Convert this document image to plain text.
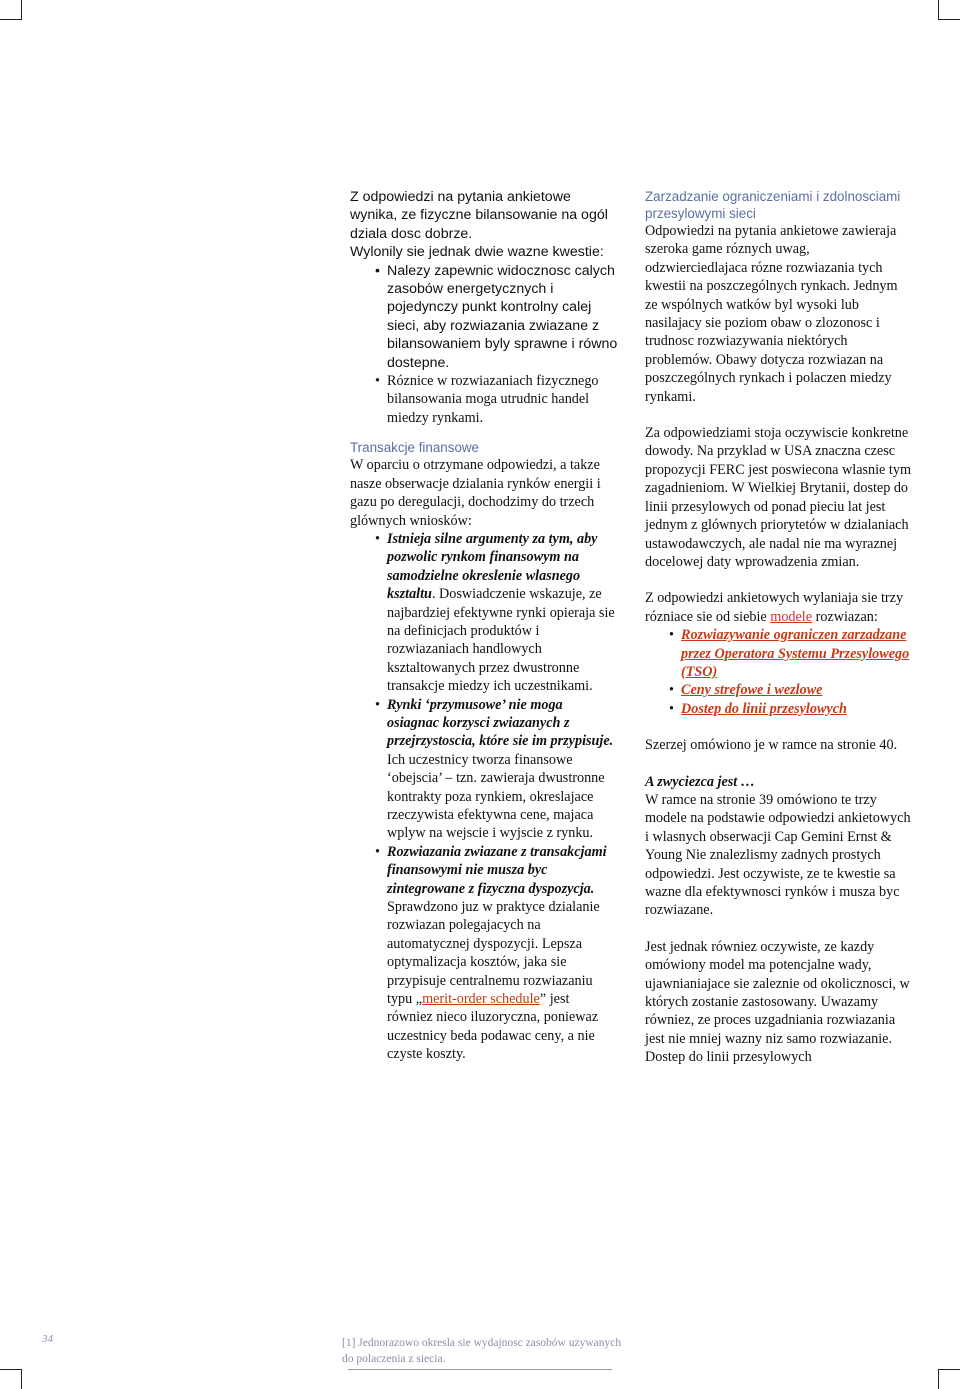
Z odpowiedzi na pytania ankietowe wynika, ze fizyczne bilansowanie na ogól dziala dosc dobrze.

Wylonily sie jednak dwie wazne kwestie:

• Nalezy zapewnic widocznosc calych zasobów energetycznych i pojedynczy punkt kontrolny calej sieci, aby rozwiazania zwiazane z bilansowaniem byly sprawne i równo dostepne.
• Róznice w rozwiazaniach fizycznego bilansowania moga utrudnic handel miedzy rynkami.

Transakcje finansowe

W oparciu o otrzymane odpowiedzi, a takze nasze obserwacje dzialania rynków energii i gazu po deregulacji, dochodzimy do trzech glównych wniosków:

• Istnieja silne argumenty za tym, aby pozwolic rynkom finansowym na samodzielne okreslenie wlasnego ksztaltu. Doswiadczenie wskazuje, ze najbardziej efektywne rynki opieraja sie na definicjach produktów i rozwiazaniach handlowych ksztaltowanych przez dwustronne transakcje miedzy ich uczestnikami.
• Rynki ‘przymusowe’ nie moga osiagnac korzysci zwiazanych z przejrzystoscia, które sie im przypisuje. Ich uczestnicy tworza finansowe ‘obejscia’ – tzn. zawieraja dwustronne kontrakty poza rynkiem, okreslajace rzeczywista efektywna cene, majaca wplyw na wejscie i wyjscie z rynku.
• Rozwiazania zwiazane z transakcjami finansowymi nie musza byc zintegrowane z fizyczna dyspozycja. Sprawdzono juz w praktyce dzialanie rozwiazan polegajacych na automatycznej dyspozycji. Lepsza optymalizacja kosztów, jaka sie przypisuje centralnemu rozwiazaniu typu „merit-order schedule” jest równiez nieco iluzoryczna, poniewaz uczestnicy beda podawac ceny, a nie czyste koszty.

Zarzadzanie ograniczeniami i zdolnosciami przesylowymi sieci

Odpowiedzi na pytania ankietowe zawieraja szeroka game róznych uwag, odzwierciedlajaca rózne rozwiazania tych kwestii na poszczególnych rynkach. Jednym ze wspólnych watków byl wysoki lub nasilajacy sie poziom obaw o zlozonosc i trudnosc rozwiazywania niektórych problemów. Obawy dotycza rozwiazan na poszczególnych rynkach i polaczen miedzy rynkami.

Za odpowiedziami stoja oczywiscie konkretne dowody. Na przyklad w USA znaczna czesc propozycji FERC jest poswiecona wlasnie tym zagadnieniom. W Wielkiej Brytanii, dostep do linii przesylowych od ponad pieciu lat jest jednym z glównych priorytetów w dzialaniach ustawodawczych, ale nadal nie ma wyraznej docelowej daty wprowadzenia zmian.

Z odpowiedzi ankietowych wylaniaja sie trzy rózniace sie od siebie modele rozwiazan:

• Rozwiazywanie ograniczen zarzadzane przez Operatora Systemu Przesylowego (TSO)
• Ceny strefowe i wezlowe
• Dostep do linii przesylowych

Szerzej omówiono je w ramce na stronie 40.

A zwyciezca jest …

W ramce na stronie 39 omówiono te trzy modele na podstawie odpowiedzi ankietowych i wlasnych obserwacji Cap Gemini Ernst & Young Nie znalezlismy zadnych prostych odpowiedzi. Jest oczywiste, ze te kwestie sa wazne dla efektywnosci rynków i musza byc rozwiazane.

Jest jednak równiez oczywiste, ze kazdy omówiony model ma potencjalne wady, ujawnianiajace sie zaleznie od okolicznosci, w których zostanie zastosowany. Uwazamy równiez, ze proces uzgadniania rozwiazania jest nie mniej wazny niz samo rozwiazanie. Dostep do linii przesylowych

34	[1] Jednorazowo okresla sie wydajnosc zasobów uzywanych do polaczenia z siecia.
